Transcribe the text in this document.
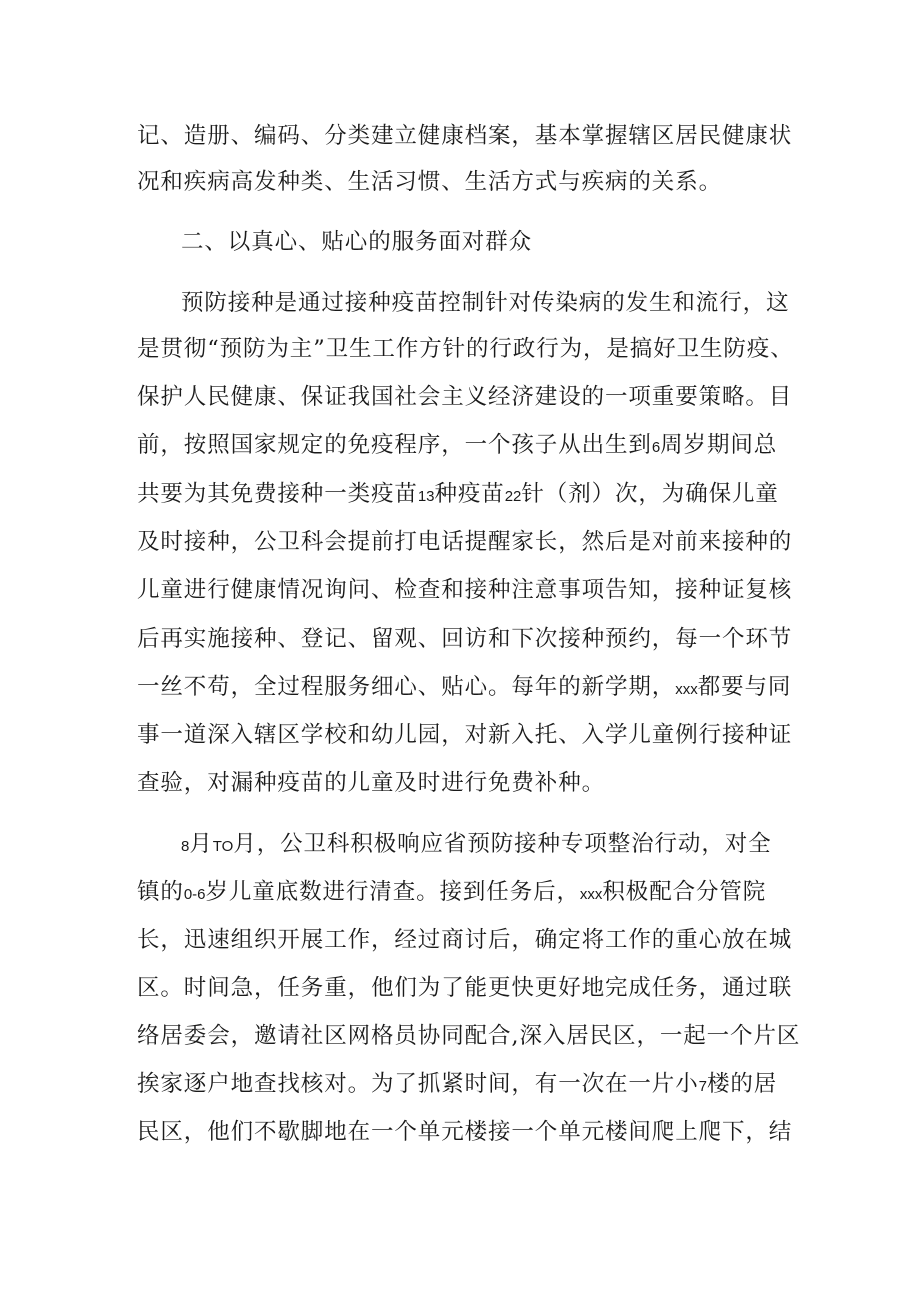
记、造册、编码、分类建立健康档案，基本掌握辖区居民健康状
况和疾病高发种类、生活习惯、生活方式与疾病的关系。
二、以真心、贴心的服务面对群众
预防接种是通过接种疫苗控制针对传染病的发生和流行，这
是贯彻“预防为主”卫生工作方针的行政行为，是搞好卫生防疫、
保护人民健康、保证我国社会主义经济建设的一项重要策略。目
前，按照国家规定的免疫程序，一个孩子从出生到6周岁期间总
共要为其免费接种一类疫苗13种疫苗22针（剂）次，为确保儿童
及时接种，公卫科会提前打电话提醒家长，然后是对前来接种的
儿童进行健康情况询问、检查和接种注意事项告知，接种证复核
后再实施接种、登记、留观、回访和下次接种预约，每一个环节
一丝不苟，全过程服务细心、贴心。每年的新学期，xxx都要与同
事一道深入辖区学校和幼儿园，对新入托、入学儿童例行接种证
查验，对漏种疫苗的儿童及时进行免费补种。
8月TO月，公卫科积极响应省预防接种专项整治行动，对全
镇的0-6岁儿童底数进行清查。接到任务后，xxx积极配合分管院
长，迅速组织开展工作，经过商讨后，确定将工作的重心放在城
区。时间急，任务重，他们为了能更快更好地完成任务，通过联
络居委会，邀请社区网格员协同配合,深入居民区，一起一个片区
挨家逐户地查找核对。为了抓紧时间，有一次在一片小7楼的居
民区，他们不歇脚地在一个单元楼接一个单元楼间爬上爬下，结
